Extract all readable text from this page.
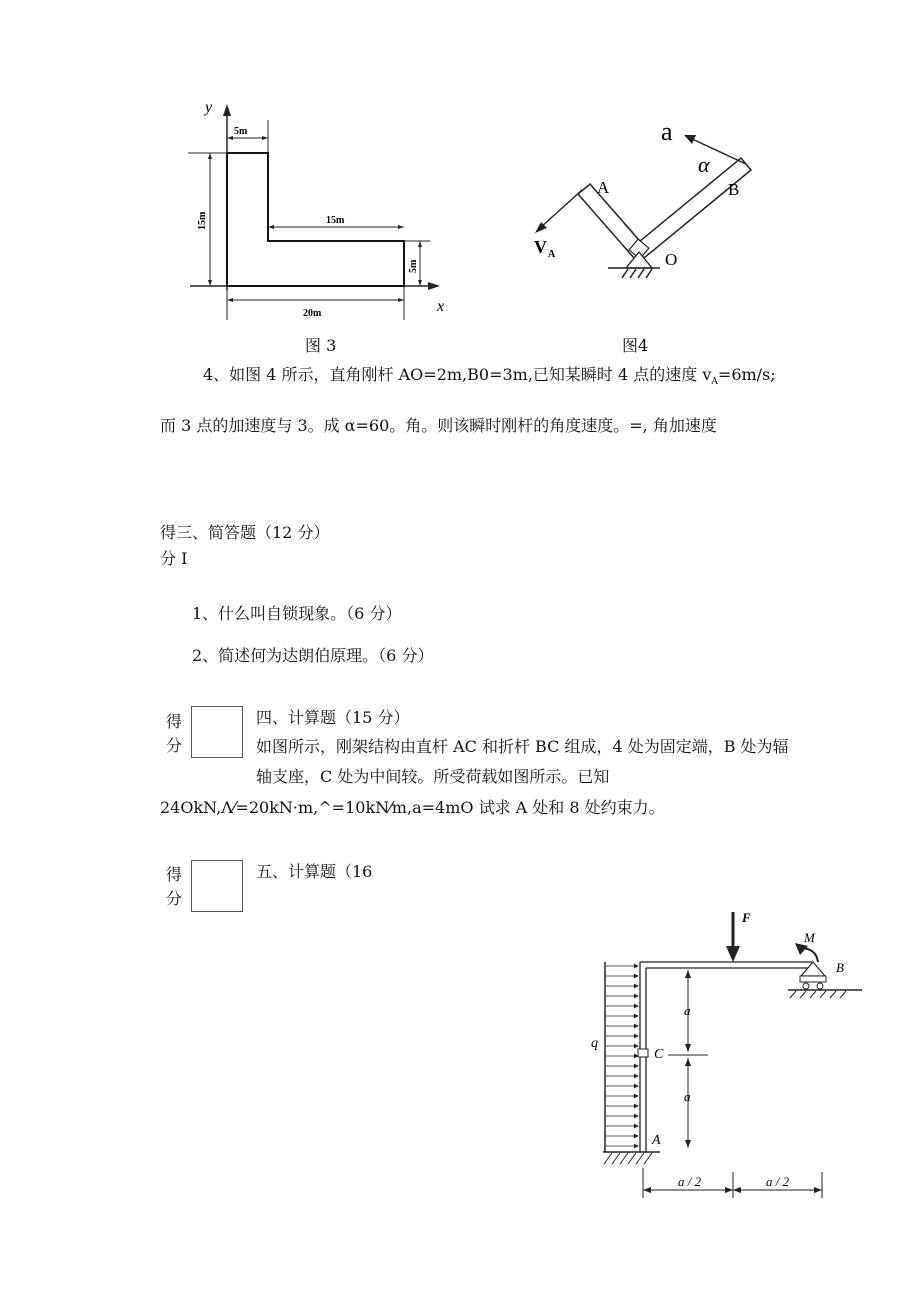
y
x
5m
15m	15m
5m
20m
图 3
a
α
A	B
O
V A
图4
4、如图 4 所示，直角刚杆 AO=2m,B0=3m,已知某瞬时 4 点的速度 $v_A=6m/s$;
而 3 点的加速度与 3。成 α=60。角。则该瞬时刚杆的角度速度。=, 角加速度
得三、简答题（12 分）
分 I
1、什么叫自锁现象。（6 分）
2、简述何为达朗伯原理。（6 分）
得
分
四、计算题（15 分）
如图所示，刚架结构由直杆 AC 和折杆 BC 组成，4 处为固定端，B 处为辐
轴支座，C 处为中间较。所受荷载如图所示。已知
24OkN,Λ⁄=20kN·m,^=10kN⁄m,a=4mO 试求 A 处和 8 处约束力。
得
分
五、计算题（16
F
M
B
q
C
A
a
a
a / 2	a / 2
